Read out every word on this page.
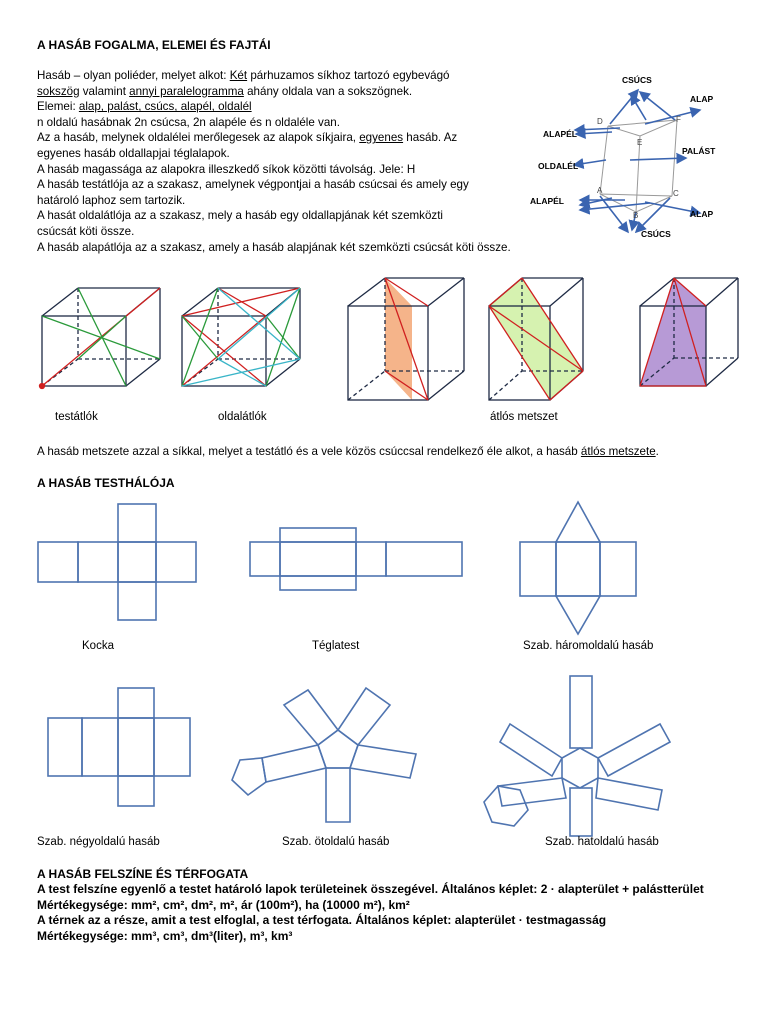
A HASÁB FOGALMA, ELEMEI ÉS FAJTÁI
Hasáb – olyan poliéder, melyet alkot: Két párhuzamos síkhoz tartozó egybevágó
sokszög valamint annyi paralelogramma ahány oldala van a sokszögnek.
Elemei: alap, palást, csúcs, alapél, oldalél
n oldalú hasábnak 2n csúcsa, 2n alapéle és n oldaléle van.
Az a hasáb, melynek oldalélei merőlegesek az alapok síkjaira, egyenes hasáb. Az
egyenes hasáb oldallapjai téglalapok.
A hasáb magassága az alapokra illeszkedő síkok közötti távolság. Jele: H
A hasáb testátlója az a szakasz, amelynek végpontjai a hasáb csúcsai és amely egy
határoló laphoz sem tartozik.
A hasát oldalátlója az a szakasz, mely a hasáb egy oldallapjának két szemközti
csúcsát köti össze.
A hasáb alapátlója az a szakasz, amely a hasáb alapjának két szemközti csúcsát köti össze.
D	F
E
A	C
B
CSÚCS
ALAP
ALAPÉL
PALÁST
OLDALÉL
ALAPÉL
ALAP
CSÚCS
testátlók	oldalátlók	átlós metszet
A hasáb metszete azzal a síkkal, melyet a testátló és a vele közös csúccsal rendelkező éle alkot, a hasáb átlós metszete.
A HASÁB TESTHÁLÓJA
Kocka	Téglatest	Szab. háromoldalú hasáb
Szab. négyoldalú hasáb	Szab. ötoldalú hasáb	Szab. hatoldalú hasáb
A HASÁB FELSZÍNE ÉS TÉRFOGATA
A test felszíne egyenlő a testet határoló lapok területeinek összegével. Általános képlet: 2 · alapterület + palástterület
Mértékegysége: mm², cm², dm², m², ár (100m²), ha (10000 m²), km²
A térnek az a része, amit a test elfoglal, a test térfogata. Általános képlet: alapterület · testmagasság
Mértékegysége: mm³, cm³, dm³(liter), m³, km³
